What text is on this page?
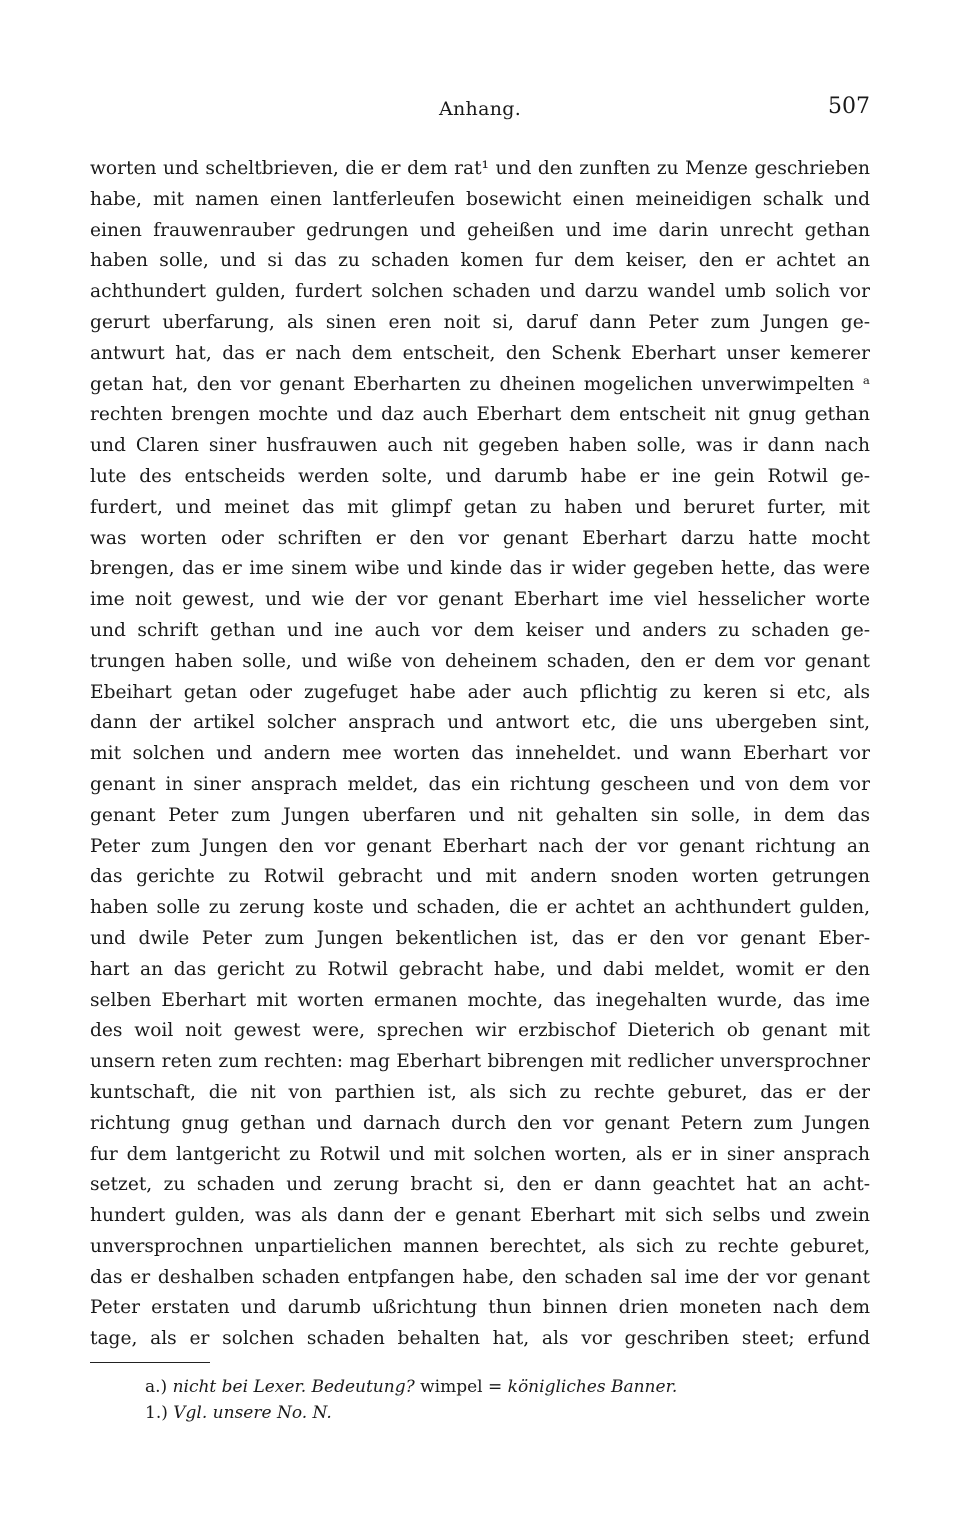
Anhang.	507
worten und scheltbrieven, die er dem rat¹ und den zunften zu Menze geschrieben
habe, mit namen einen lantferleufen bosewicht einen meineidigen schalk und
einen frauwenrauber gedrungen und geheißen und ime darin unrecht gethan
haben solle, und si das zu schaden komen fur dem keiser, den er achtet an
achthundert gulden, furdert solchen schaden und darzu wandel umb solich vor
gerurt uberfarung, als sinen eren noit si, daruf dann Peter zum Jungen ge-
antwurt hat, das er nach dem entscheit, den Schenk Eberhart unser kemerer
getan hat, den vor genant Eberharten zu dheinen mogelichen unverwimpelten ᵃ
rechten brengen mochte und daz auch Eberhart dem entscheit nit gnug gethan
und Claren siner husfrauwen auch nit gegeben haben solle, was ir dann nach
lute des entscheids werden solte, und darumb habe er ine gein Rotwil ge-
furdert, und meinet das mit glimpf getan zu haben und beruret furter, mit
was worten oder schriften er den vor genant Eberhart darzu hatte mocht
brengen, das er ime sinem wibe und kinde das ir wider gegeben hette, das were
ime noit gewest, und wie der vor genant Eberhart ime viel hesselicher worte
und schrift gethan und ine auch vor dem keiser und anders zu schaden ge-
trungen haben solle, und wiße von deheinem schaden, den er dem vor genant
Ebeihart getan oder zugefuget habe ader auch pflichtig zu keren si etc, als
dann der artikel solcher ansprach und antwort etc, die uns ubergeben sint,
mit solchen und andern mee worten das inneheldet. und wann Eberhart vor
genant in siner ansprach meldet, das ein richtung gescheen und von dem vor
genant Peter zum Jungen uberfaren und nit gehalten sin solle, in dem das
Peter zum Jungen den vor genant Eberhart nach der vor genant richtung an
das gerichte zu Rotwil gebracht und mit andern snoden worten getrungen
haben solle zu zerung koste und schaden, die er achtet an achthundert gulden,
und dwile Peter zum Jungen bekentlichen ist, das er den vor genant Eber-
hart an das gericht zu Rotwil gebracht habe, und dabi meldet, womit er den
selben Eberhart mit worten ermanen mochte, das inegehalten wurde, das ime
des woil noit gewest were, sprechen wir erzbischof Dieterich ob genant mit
unsern reten zum rechten: mag Eberhart bibrengen mit redlicher unversprochner
kuntschaft, die nit von parthien ist, als sich zu rechte geburet, das er der
richtung gnug gethan und darnach durch den vor genant Petern zum Jungen
fur dem lantgericht zu Rotwil und mit solchen worten, als er in siner ansprach
setzet, zu schaden und zerung bracht si, den er dann geachtet hat an acht-
hundert gulden, was als dann der e genant Eberhart mit sich selbs und zwein
unversprochnen unpartielichen mannen berechtet, als sich zu rechte geburet,
das er deshalben schaden entpfangen habe, den schaden sal ime der vor genant
Peter erstaten und darumb ußrichtung thun binnen drien moneten nach dem
tage, als er solchen schaden behalten hat, als vor geschriben steet; erfund
a.) nicht bei Lexer. Bedeutung? wimpel = königliches Banner.
1.) Vgl. unsere No. N.
